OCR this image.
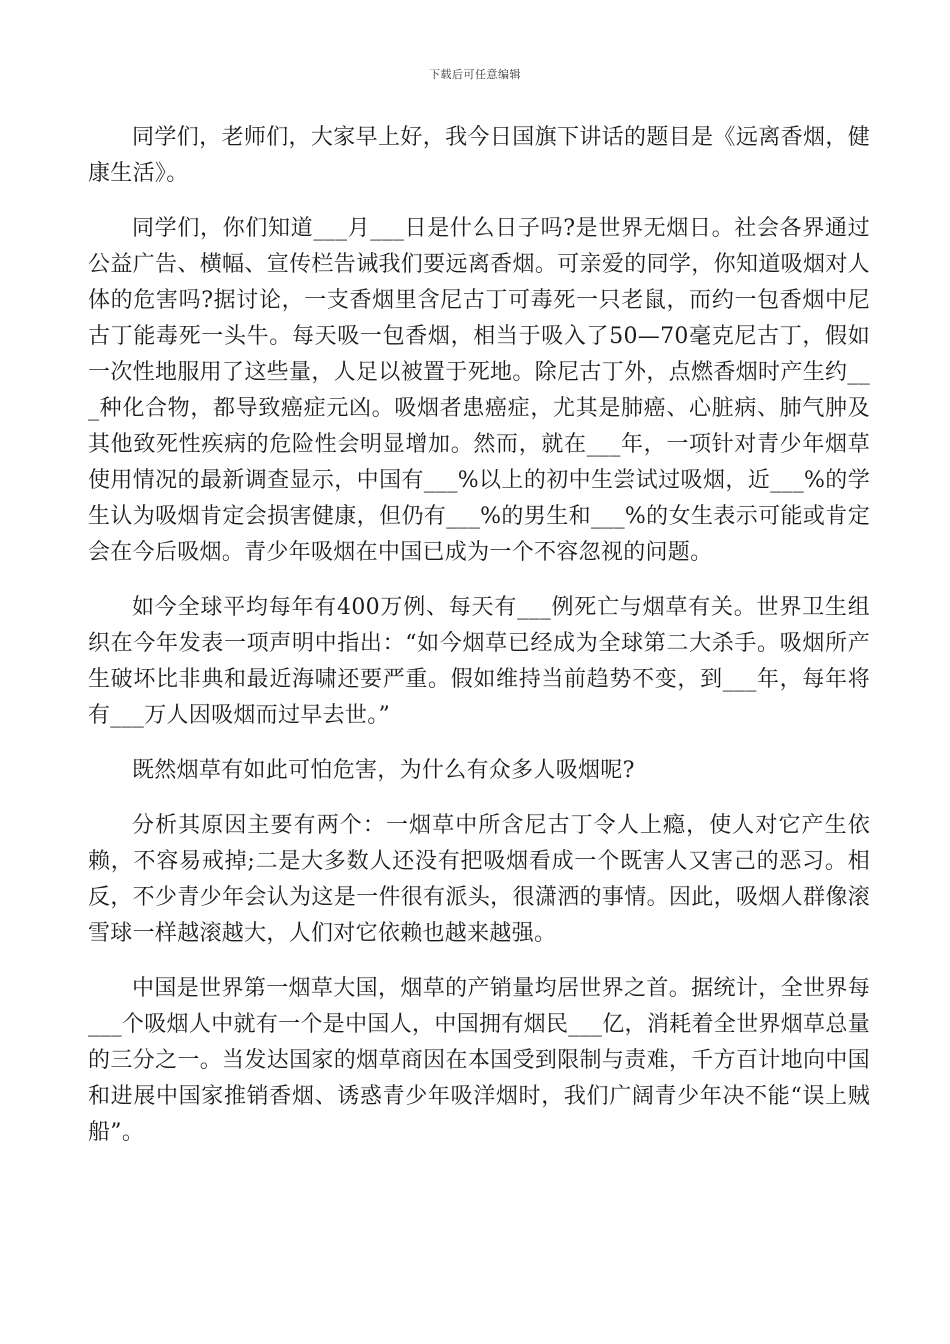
下载后可任意编辑

同学们，老师们，大家早上好，我今日国旗下讲话的题目是《远离香烟，健康生活》。

同学们，你们知道___月___日是什么日子吗?是世界无烟日。社会各界通过公益广告、横幅、宣传栏告诫我们要远离香烟。可亲爱的同学，你知道吸烟对人体的危害吗?据讨论，一支香烟里含尼古丁可毒死一只老鼠，而约一包香烟中尼古丁能毒死一头牛。每天吸一包香烟，相当于吸入了50—70毫克尼古丁，假如一次性地服用了这些量，人足以被置于死地。除尼古丁外，点燃香烟时产生约___种化合物，都导致癌症元凶。吸烟者患癌症，尤其是肺癌、心脏病、肺气肿及其他致死性疾病的危险性会明显增加。然而，就在___年，一项针对青少年烟草使用情况的最新调查显示，中国有___%以上的初中生尝试过吸烟，近___%的学生认为吸烟肯定会损害健康，但仍有___%的男生和___%的女生表示可能或肯定会在今后吸烟。青少年吸烟在中国已成为一个不容忽视的问题。

如今全球平均每年有400万例、每天有___例死亡与烟草有关。世界卫生组织在今年发表一项声明中指出：“如今烟草已经成为全球第二大杀手。吸烟所产生破坏比非典和最近海啸还要严重。假如维持当前趋势不变，到___年，每年将有___万人因吸烟而过早去世。”

既然烟草有如此可怕危害，为什么有众多人吸烟呢?

分析其原因主要有两个：一烟草中所含尼古丁令人上瘾，使人对它产生依赖，不容易戒掉;二是大多数人还没有把吸烟看成一个既害人又害己的恶习。相反，不少青少年会认为这是一件很有派头，很潇洒的事情。因此，吸烟人群像滚雪球一样越滚越大，人们对它依赖也越来越强。

中国是世界第一烟草大国，烟草的产销量均居世界之首。据统计，全世界每___个吸烟人中就有一个是中国人，中国拥有烟民___亿，消耗着全世界烟草总量的三分之一。当发达国家的烟草商因在本国受到限制与责难，千方百计地向中国和进展中国家推销香烟、诱惑青少年吸洋烟时，我们广阔青少年决不能“误上贼船”。
